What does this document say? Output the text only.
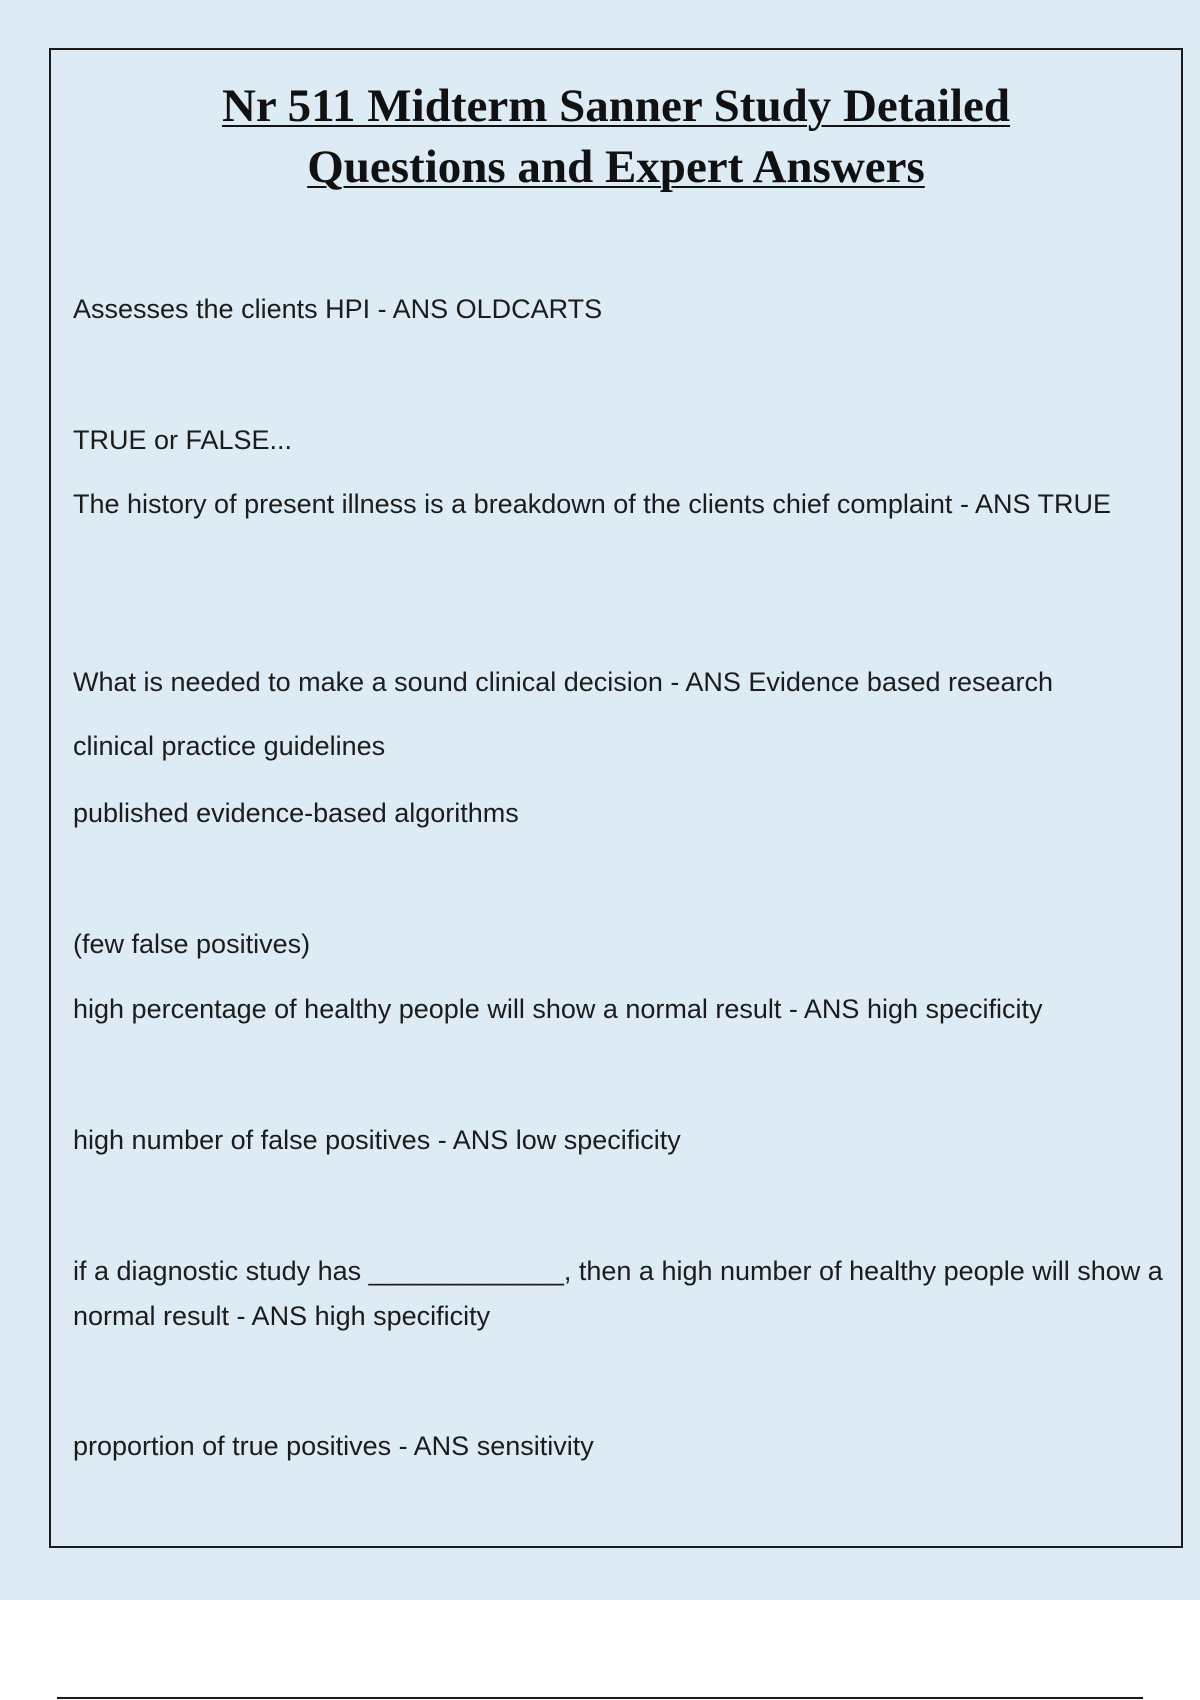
Nr 511 Midterm Sanner Study Detailed
Questions and Expert Answers

Assesses the clients HPI - ANS OLDCARTS

TRUE or FALSE...

The history of present illness is a breakdown of the clients chief complaint - ANS TRUE

What is needed to make a sound clinical decision - ANS Evidence based research

clinical practice guidelines

published evidence-based algorithms

(few false positives)

high percentage of healthy people will show a normal result - ANS high specificity

high number of false positives - ANS low specificity

if a diagnostic study has _____________, then a high number of healthy people will show a normal result - ANS high specificity

proportion of true positives - ANS sensitivity
